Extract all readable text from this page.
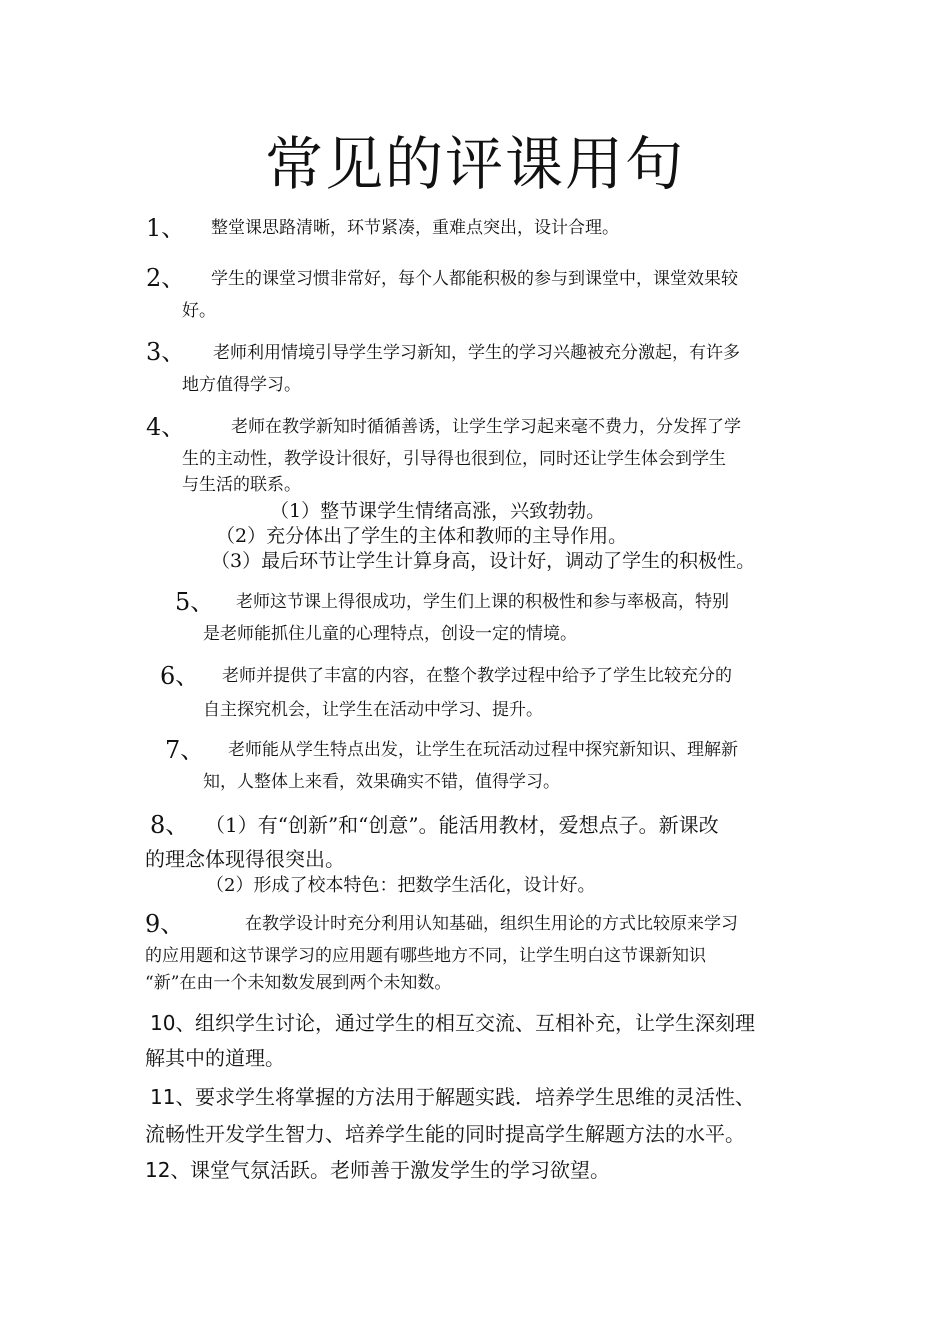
常见的评课用句
1、 整堂课思路清晰，环节紧凑，重难点突出，设计合理。
2、 学生的课堂习惯非常好，每个人都能积极的参与到课堂中，课堂效果较
好。
3、 老师利用情境引导学生学习新知，学生的学习兴趣被充分激起，有许多
地方值得学习。
4、	老师在教学新知时循循善诱，让学生学习起来毫不费力，分发挥了学
生的主动性，教学设计很好，引导得也很到位，同时还让学生体会到学生
与生活的联系。
（1）整节课学生情绪高涨，兴致勃勃。
（2）充分体出了学生的主体和教师的主导作用。
（3）最后环节让学生计算身高，设计好，调动了学生的积极性。
5、 老师这节课上得很成功，学生们上课的积极性和参与率极高，特别
是老师能抓住儿童的心理特点，创设一定的情境。
6、 老师并提供了丰富的内容，在整个教学过程中给予了学生比较充分的
自主探究机会，让学生在活动中学习、提升。
7、 老师能从学生特点出发，让学生在玩活动过程中探究新知识、理解新
知，人整体上来看，效果确实不错，值得学习。
8、 （1）有“创新”和“创意”。能活用教材，爱想点子。新课改
的理念体现得很突出。
（2）形成了校本特色：把数学生活化，设计好。
9、	在教学设计时充分利用认知基础，组织生用论的方式比较原来学习
的应用题和这节课学习的应用题有哪些地方不同，让学生明白这节课新知识
“新”在由一个未知数发展到两个未知数。
10、 组织学生讨论，通过学生的相互交流、互相补充，让学生深刻理
解其中的道理。
11、 要求学生将掌握的方法用于解题实践．培养学生思维的灵活性、
流畅性开发学生智力、培养学生能的同时提高学生解题方法的水平。
12、 课堂气氛活跃。老师善于激发学生的学习欲望。
